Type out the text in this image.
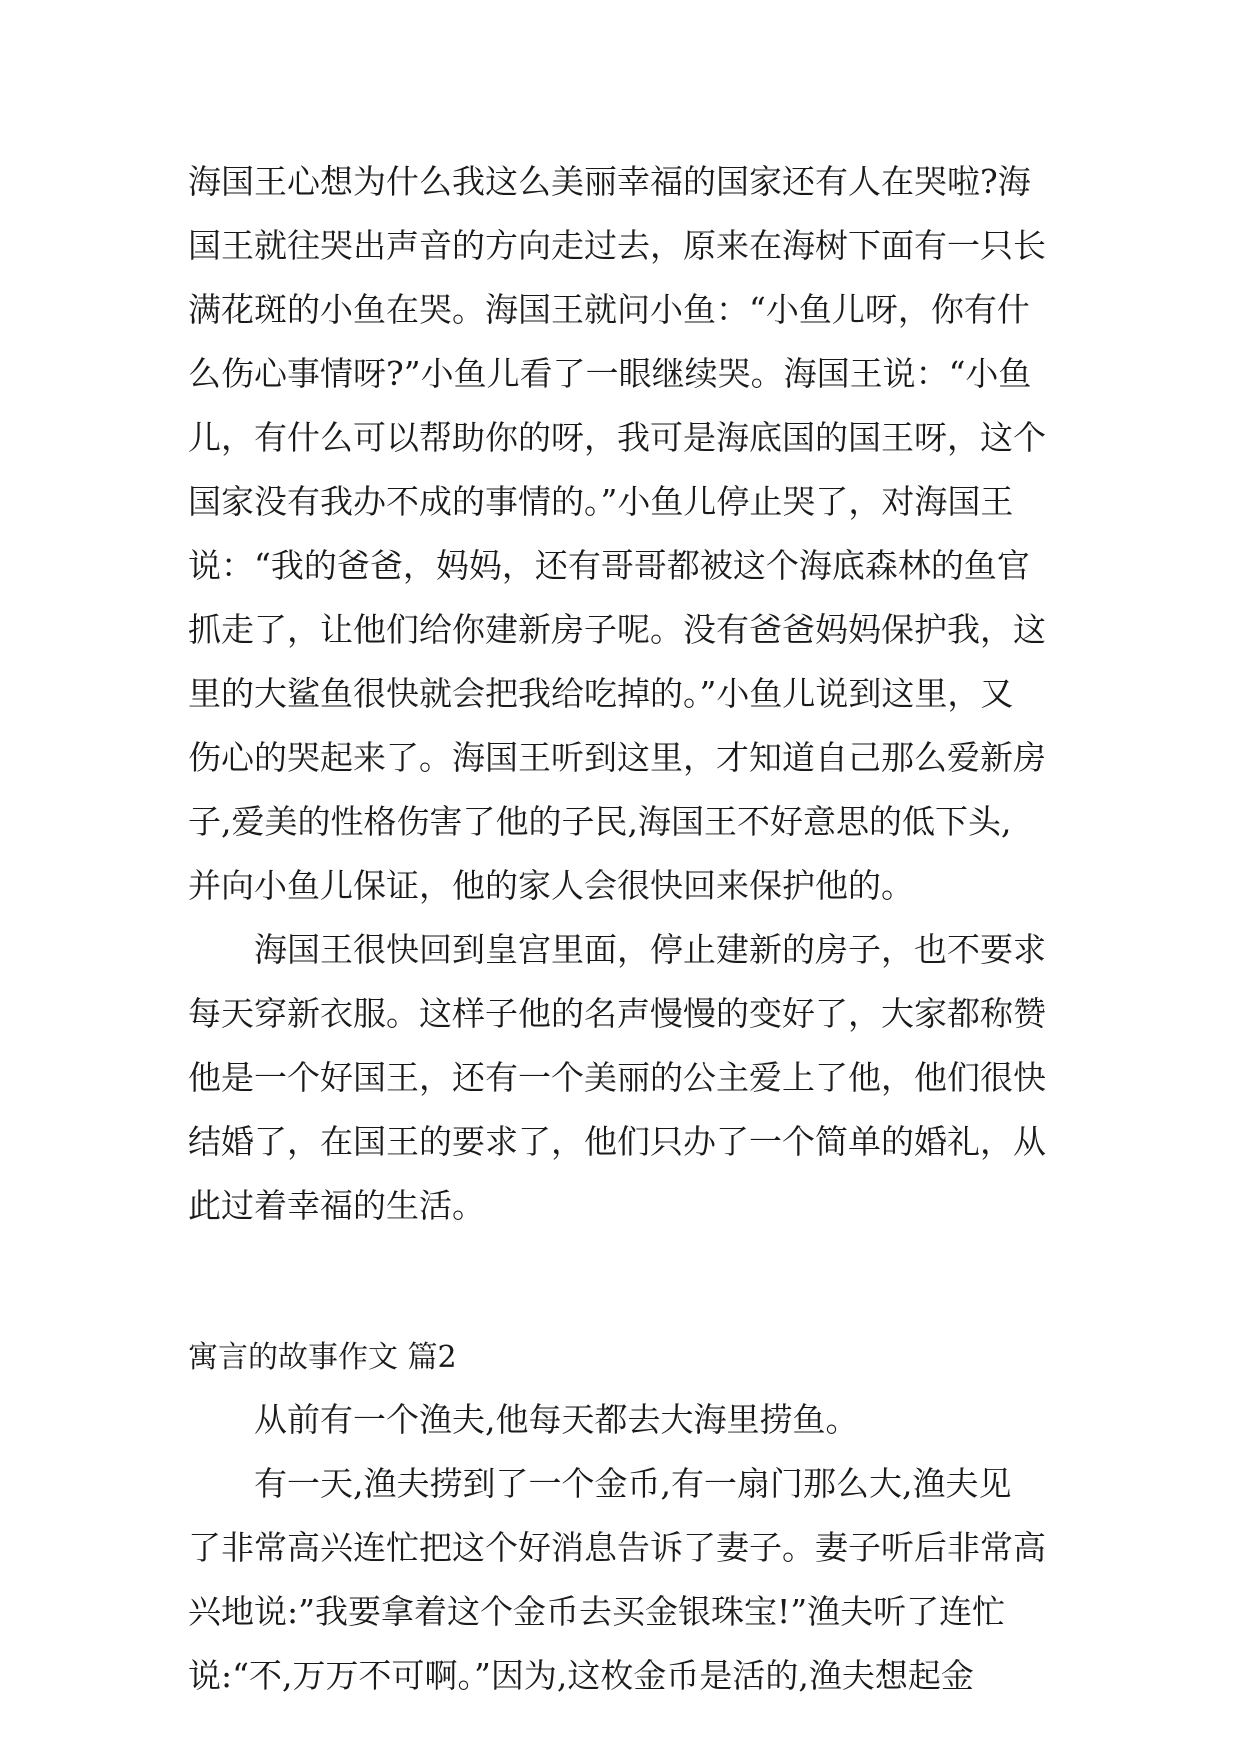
海国王心想为什么我这么美丽幸福的国家还有人在哭啦?海
国王就往哭出声音的方向走过去，原来在海树下面有一只长
满花斑的小鱼在哭。海国王就问小鱼：“小鱼儿呀，你有什
么伤心事情呀?”小鱼儿看了一眼继续哭。海国王说：“小鱼
儿，有什么可以帮助你的呀，我可是海底国的国王呀，这个
国家没有我办不成的事情的。”小鱼儿停止哭了，对海国王
说：“我的爸爸，妈妈，还有哥哥都被这个海底森林的鱼官
抓走了，让他们给你建新房子呢。没有爸爸妈妈保护我，这
里的大鲨鱼很快就会把我给吃掉的。”小鱼儿说到这里，又
伤心的哭起来了。海国王听到这里，才知道自己那么爱新房
子,爱美的性格伤害了他的子民,海国王不好意思的低下头,
并向小鱼儿保证，他的家人会很快回来保护他的。
海国王很快回到皇宫里面，停止建新的房子，也不要求
每天穿新衣服。这样子他的名声慢慢的变好了，大家都称赞
他是一个好国王，还有一个美丽的公主爱上了他，他们很快
结婚了，在国王的要求了，他们只办了一个简单的婚礼，从
此过着幸福的生活。
寓言的故事作文 篇2
从前有一个渔夫,他每天都去大海里捞鱼。
有一天,渔夫捞到了一个金币,有一扇门那么大,渔夫见
了非常高兴连忙把这个好消息告诉了妻子。妻子听后非常高
兴地说:”我要拿着这个金币去买金银珠宝!”渔夫听了连忙
说:“不,万万不可啊。”因为,这枚金币是活的,渔夫想起金
